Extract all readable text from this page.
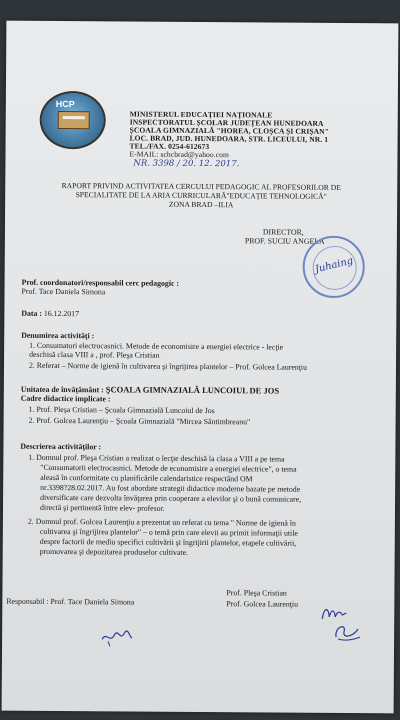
HCP
MINISTERUL EDUCAȚIEI NAȚIONALE
INSPECTORATUL ȘCOLAR JUDEȚEAN HUNEDOARA
ȘCOALA GIMNAZIALĂ "HOREA, CLOȘCA ȘI CRIȘAN"
LOC. BRAD, JUD. HUNEDOARA, STR. LICEULUI, NR. 1
TEL./FAX. 0254-612673
E-MAIL: schcbrad@yahoo.com
NR. 3398 / 20. 12. 2017.
RAPORT PRIVIND ACTIVITATEA CERCULUI PEDAGOGIC AL PROFESORILOR DE
SPECIALITATE DE LA ARIA CURRICULARĂ"EDUCAȚIE TEHNOLOGICĂ"
ZONA BRAD –ILIA
DIRECTOR,
PROF. SUCIU ANGELA
Juhaing
Prof. coordonatori/responsabil cerc pedagogic :
Prof. Tace Daniela Simona
Data : 16.12.2017
Denumirea activităţi :
1. Consumatori electrocasnici. Metode de economisire a energiei electrice - lecţie
deschisă clasa VIII a , prof. Pleşa Cristian
2. Referat – Norme de igienă în cultivarea şi îngrijirea plantelor – Prof. Golcea Laurenţiu
Unitatea de învăţământ : ŞCOALA GIMNAZIALĂ LUNCOIUL DE JOS
Cadre didactice implicate :
1. Prof. Pleşa Cristian – Şcoala Gimnazială Luncoiul de Jos
2. Prof. Golcea Laurenţiu – Şcoala Gimnazială "Mircea Sântimbreanu"
Descrierea activităţilor :
1. Domnul prof. Pleşa Cristian a realizat o lecţie deschisă la clasa a VIII a pe tema
"Consumatorii electrocasnici. Metode de economisire a energiei electrice", o tema
aleasă în conformitate cu planificările calendaristice respectând OM
nr.3398?28.02.2017. Au fost abordate strategii didactice moderne bazate pe metode
diversificate care dezvolta învăţarea prin cooperare a elevilor şi o bună comunicare,
directă şi pertinentă între elev- profesor.
2. Domnul prof. Golcea Laurenţiu a prezentat un referat cu tema " Norme de igienă în
cultivarea şi îngrijirea plantelor" – o temă prin care elevii au primit informaţii utile
despre factorii de mediu specifici cultivării şi îngrijirii plantelor, etapele cultivării,
promovarea şi depozitarea produselor cultivate.
Responsabil : Prof. Tace Daniela Simona
Prof. Pleşa Cristian
Prof. Golcea Laurenţiu
